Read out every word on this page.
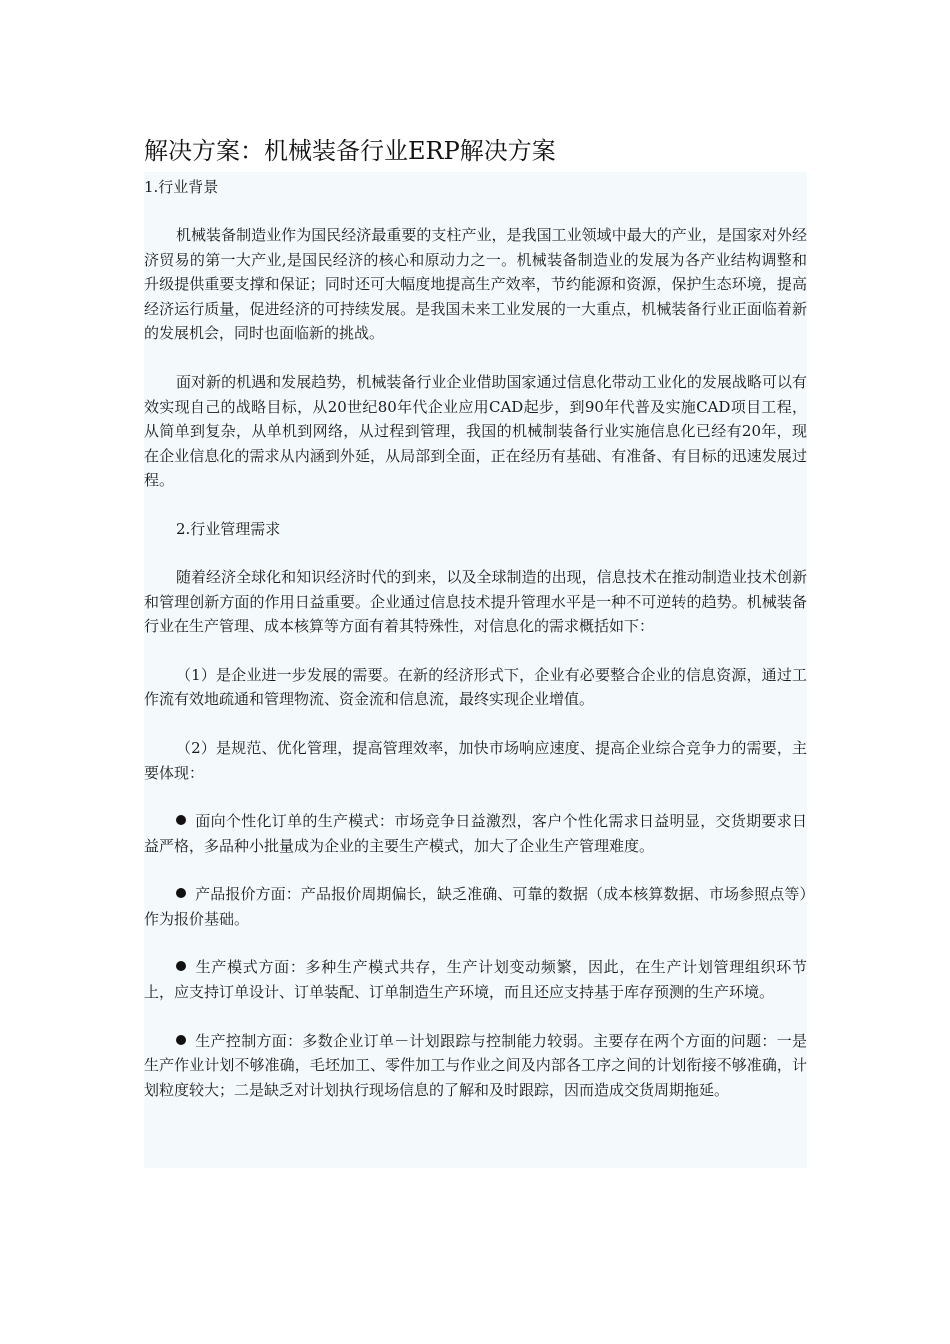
解决方案：机械装备行业ERP解决方案

1.行业背景

机械装备制造业作为国民经济最重要的支柱产业，是我国工业领域中最大的产业，是国家对外经济贸易的第一大产业,是国民经济的核心和原动力之一。机械装备制造业的发展为各产业结构调整和升级提供重要支撑和保证；同时还可大幅度地提高生产效率，节约能源和资源，保护生态环境，提高经济运行质量，促进经济的可持续发展。是我国未来工业发展的一大重点，机械装备行业正面临着新的发展机会，同时也面临新的挑战。

面对新的机遇和发展趋势，机械装备行业企业借助国家通过信息化带动工业化的发展战略可以有效实现自己的战略目标，从20世纪80年代企业应用CAD起步，到90年代普及实施CAD项目工程，从简单到复杂，从单机到网络，从过程到管理，我国的机械制装备行业实施信息化已经有20年，现在企业信息化的需求从内涵到外延，从局部到全面，正在经历有基础、有准备、有目标的迅速发展过程。

2.行业管理需求

随着经济全球化和知识经济时代的到来，以及全球制造的出现，信息技术在推动制造业技术创新和管理创新方面的作用日益重要。企业通过信息技术提升管理水平是一种不可逆转的趋势。机械装备行业在生产管理、成本核算等方面有着其特殊性，对信息化的需求概括如下：

（1）是企业进一步发展的需要。在新的经济形式下，企业有必要整合企业的信息资源，通过工作流有效地疏通和管理物流、资金流和信息流，最终实现企业增值。

（2）是规范、优化管理，提高管理效率，加快市场响应速度、提高企业综合竞争力的需要，主要体现：

面向个性化订单的生产模式：市场竞争日益激烈，客户个性化需求日益明显，交货期要求日益严格，多品种小批量成为企业的主要生产模式，加大了企业生产管理难度。

产品报价方面：产品报价周期偏长，缺乏准确、可靠的数据（成本核算数据、市场参照点等）作为报价基础。

生产模式方面：多种生产模式共存，生产计划变动频繁，因此，在生产计划管理组织环节上，应支持订单设计、订单装配、订单制造生产环境，而且还应支持基于库存预测的生产环境。

生产控制方面：多数企业订单－计划跟踪与控制能力较弱。主要存在两个方面的问题：一是生产作业计划不够准确，毛坯加工、零件加工与作业之间及内部各工序之间的计划衔接不够准确，计划粒度较大；二是缺乏对计划执行现场信息的了解和及时跟踪，因而造成交货周期拖延。
